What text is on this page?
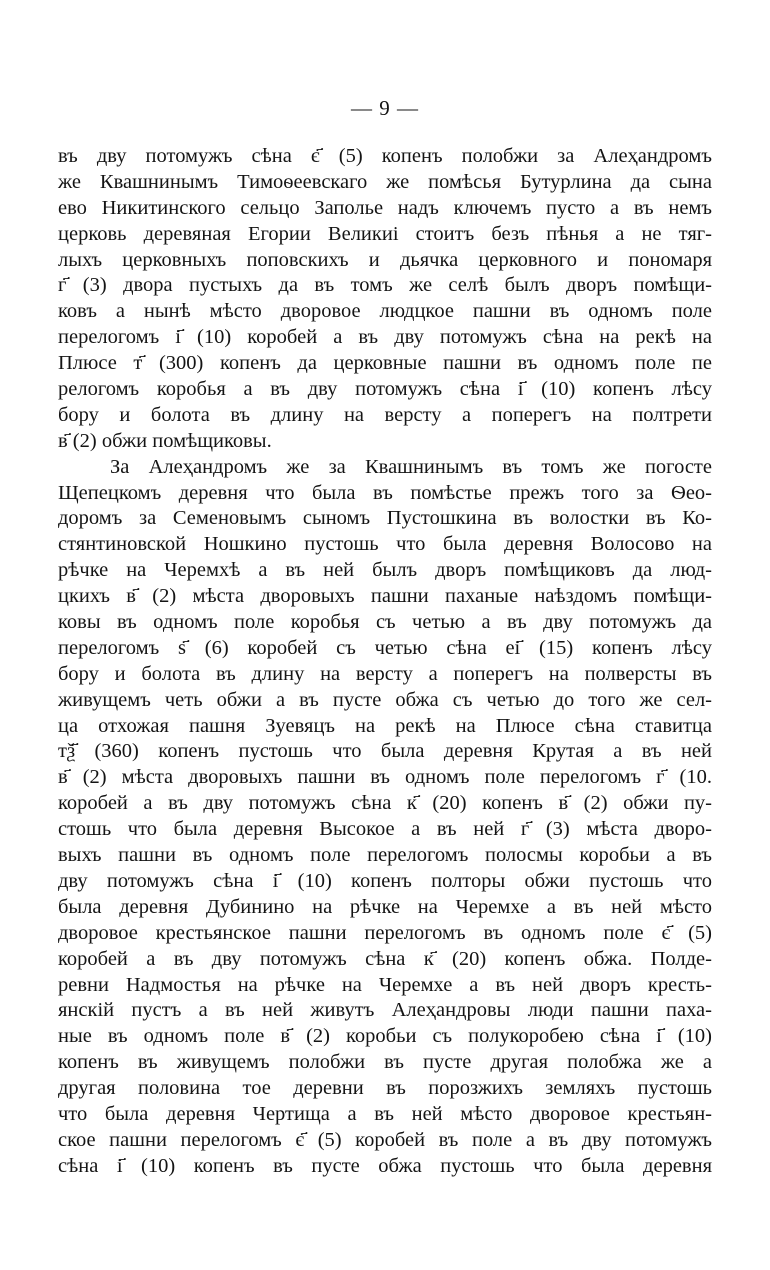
— 9 —
въ дву потомужъ сѣна є҃ (5) копенъ полобжи за Алеҳандромъ
же Квашнинымъ Тимоѳеевскаго же помѣсья Бутурлина да сына
ево Никитинского сельцо Заполье надъ ключемъ пусто а въ немъ
церковь деревяная Егории Великиі стоитъ безъ пѣнья а не тяг-
лыхъ церковныхъ поповскихъ и дьячка церковного и пономаря
г҃ (3) двора пустыхъ да въ томъ же селѣ былъ дворъ помѣщи-
ковъ а нынѣ мѣсто дворовое людцкое пашни въ одномъ поле
перелогомъ і҃ (10) коробей а въ дву потомужъ сѣна на рекѣ на
Плюсе т҃ (300) копенъ да церковные пашни въ одномъ поле пе
релогомъ коробья а въ дву потомужъ сѣна і҃ (10) копенъ лѣсу
бору и болота въ длину на версту а поперегъ на полтрети
в҃ (2) обжи помѣщиковы.
За Алеҳандромъ же за Квашнинымъ въ томъ же погосте
Щепецкомъ деревня что была въ помѣстье прежъ того за Ѳео-
доромъ за Семеновымъ сыномъ Пустошкина въ волостки въ Ко-
стянтиновской Ношкино пустошь что была деревня Волосово на
рѣчке на Черемхѣ а въ ней былъ дворъ помѣщиковъ да люд-
цкихъ в҃ (2) мѣста дворовыхъ пашни паханые наѣздомъ помѣщи-
ковы въ одномъ поле коробья съ четью а въ дву потомужъ да
перелогомъ ѕ҃ (6) коробей съ четью сѣна еі҃ (15) копенъ лѣсу
бору и болота въ длину на версту а поперегъ на полверсты въ
живущемъ четь обжи а въ пусте обжа съ четью до того же сел-
ца отхожая пашня Зуевяцъ на рекѣ на Плюсе сѣна ставитца
тѯ҃ (360) копенъ пустошь что была деревня Крутая а въ ней
в҃ (2) мѣста дворовыхъ пашни въ одномъ поле перелогомъ г҃ (10.
коробей а въ дву потомужъ сѣна к҃ (20) копенъ в҃ (2) обжи пу-
стошь что была деревня Высокое а въ ней г҃ (3) мѣста дворо-
выхъ пашни въ одномъ поле перелогомъ полосмы коробьи а въ
дву потомужъ сѣна і҃ (10) копенъ полторы обжи пустошь что
была деревня Дубинино на рѣчке на Черемхе а въ ней мѣсто
дворовое крестьянское пашни перелогомъ въ одномъ поле є҃ (5)
коробей а въ дву потомужъ сѣна к҃ (20) копенъ обжа. Полде-
ревни Надмостья на рѣчке на Черемхе а въ ней дворъ кресть-
янскій пустъ а въ ней живутъ Алеҳандровы люди пашни паха-
ные въ одномъ поле в҃ (2) коробьи съ полукоробею сѣна і҃ (10)
копенъ въ живущемъ полобжи въ пусте другая полобжа же а
другая половина тое деревни въ порозжихъ земляхъ пустошь
что была деревня Чертища а въ ней мѣсто дворовое крестьян-
ское пашни перелогомъ є҃ (5) коробей въ поле а въ дву потомужъ
сѣна і҃ (10) копенъ въ пусте обжа пустошь что была деревня
